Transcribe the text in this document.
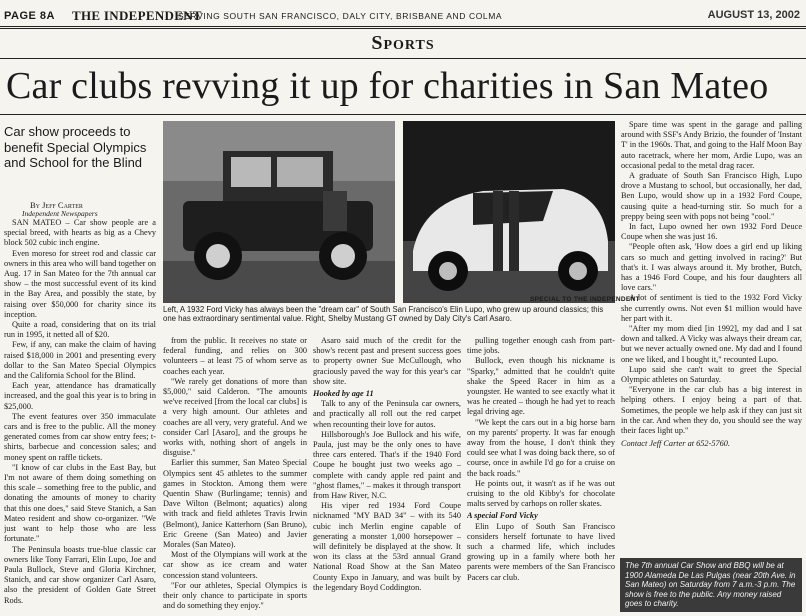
PAGE 8A THE INDEPENDENT
SERVING SOUTH SAN FRANCISCO, DALY CITY, BRISBANE AND COLMA	AUGUST 13, 2002
Sports
Car clubs revving it up for charities in San Mateo
Car show proceeds to benefit Special Olympics and School for the Blind
By Jeff Carter
Independent Newspapers

SAN MATEO – Car show people are a special breed, with hearts as big as a Chevy block 502 cubic inch engine.

Even moreso for street rod and classic car owners in this area who will band together on Aug. 17 in San Mateo for the 7th annual car show – the most successful event of its kind in the Bay Area, and possibly the state, by raising over $50,000 for charity since its inception.

Quite a road, considering that on its trial run in 1995, it netted all of $20.

Few, if any, can make the claim of having raised $18,000 in 2001 and presenting every dollar to the San Mateo Special Olympics and the California School for the Blind.

Each year, attendance has dramatically increased, and the goal this year is to bring in $25,000.

The event features over 350 immaculate cars and is free to the public. All the money generated comes from car show entry fees; t-shirts, barbecue and concession sales; and money spent on raffle tickets.

"I know of car clubs in the East Bay, but I'm not aware of them doing something on this scale – something free to the public, and donating the amounts of money to charity that this one does," said Steve Stanich, a San Mateo resident and show co-organizer. "We just want to help those who are less fortunate."

The Peninsula boasts true-blue classic car owners like Tony Farrari, Elin Lupo, Joe and Paula Bullock, Steve and Gloria Kirchner, Stanich, and car show organizer Carl Asaro, also the president of Golden Gate Street Rods.

SPECIAL TO THE INDEPENDENT
Left, A 1932 Ford Vicky has always been the "dream car" of South San Francisco's Elin Lupo, who grew up around classics; this one has extraordinary sentimental value. Right, Shelby Mustang GT owned by Daly City's Carl Asaro.

from the public. It receives no state or federal funding, and relies on 300 volunteers – at least 75 of whom serve as coaches each year.

"We rarely get donations of more than $5,000," said Calderon. "The amounts we've received [from the local car clubs] is a very high amount. Our athletes and coaches are all very, very grateful. And we consider Carl [Asaro], and the groups he works with, nothing short of angels in disguise."

Earlier this summer, San Mateo Special Olympics sent 45 athletes to the summer games in Stockton. Among them were Quentin Shaw (Burlingame; tennis) and Dave Wilton (Belmont; aquatics) along with track and field athletes Travis Irwin (Belmont), Janice Katterhorn (San Bruno), Eric Greene (San Mateo) and Javier Morales (San Mateo).

Most of the Olympians will work at the car show as ice cream and water concession stand volunteers.

"For our athletes, Special Olympics is their only chance to participate in sports and do something they enjoy."

Asaro said much of the credit for the show's recent past and present success goes to property owner Sue McCullough, who graciously paved the way for this year's car show site.

Hooked by age 11

Talk to any of the Peninsula car owners, and practically all roll out the red carpet when recounting their love for autos.

Hillsborough's Joe Bullock and his wife, Paula, just may be the only ones to have three cars entered. That's if the 1940 Ford Coupe he bought just two weeks ago – complete with candy apple red paint and "ghost flames," – makes it through transport from Haw River, N.C.

His viper red 1934 Ford Coupe nicknamed "MY BAD 34" – with its 540 cubic inch Merlin engine capable of generating a monster 1,000 horsepower – will definitely be displayed at the show. It won its class at the 53rd annual Grand National Road Show at the San Mateo County Expo in January, and was built by the legendary Boyd Coddington.

pulling together enough cash from part-time jobs.

Bullock, even though his nickname is "Sparky," admitted that he couldn't quite shake the Speed Racer in him as a youngster. He wanted to see exactly what it was he created – though he had yet to reach legal driving age.

"We kept the cars out in a big horse barn on my parents' property. It was far enough away from the house, I don't think they could see what I was doing back there, so of course, once in awhile I'd go for a cruise on the back roads."

He points out, it wasn't as if he was out cruising to the old Kibby's for chocolate malts served by carhops on roller skates.

A special Ford Vicky

Elin Lupo of South San Francisco considers herself fortunate to have lived such a charmed life, which includes growing up in a family where both her parents were members of the San Francisco Pacers car club.

Spare time was spent in the garage and palling around with SSF's Andy Brizio, the founder of 'Instant T' in the 1960s. That, and going to the Half Moon Bay auto racetrack, where her mom, Ardie Lupo, was an occasional pedal to the metal drag racer.

A graduate of South San Francisco High, Lupo drove a Mustang to school, but occasionally, her dad, Ben Lupo, would show up in a 1932 Ford Coupe, causing quite a head-turning stir. So much for a preppy being seen with pops not being "cool."

In fact, Lupo owned her own 1932 Ford Deuce Coupe when she was just 16.

"People often ask, 'How does a girl end up liking cars so much and getting involved in racing?' But that's it. I was always around it. My brother, Butch, has a 1946 Ford Coupe, and his four daughters all love cars."

A lot of sentiment is tied to the 1932 Ford Vicky she currently owns. Not even $1 million would have her part with it.

"After my mom died [in 1992], my dad and I sat down and talked. A Vicky was always their dream car, but we never actually owned one. My dad and I found one we liked, and I bought it," recounted Lupo.

Lupo said she can't wait to greet the Special Olympic athletes on Saturday.

"Everyone in the car club has a big interest in helping others. I enjoy being a part of that. Sometimes, the people we help ask if they can just sit in the car. And when they do, you should see the way their faces light up."

Contact Jeff Carter at 652-5760.

The 7th annual Car Show and BBQ will be at 1900 Alameda De Las Pulgas (near 20th Ave. in San Mateo) on Saturday from 7 a.m.-3 p.m. The show is free to the public. Any money raised goes to charity.
